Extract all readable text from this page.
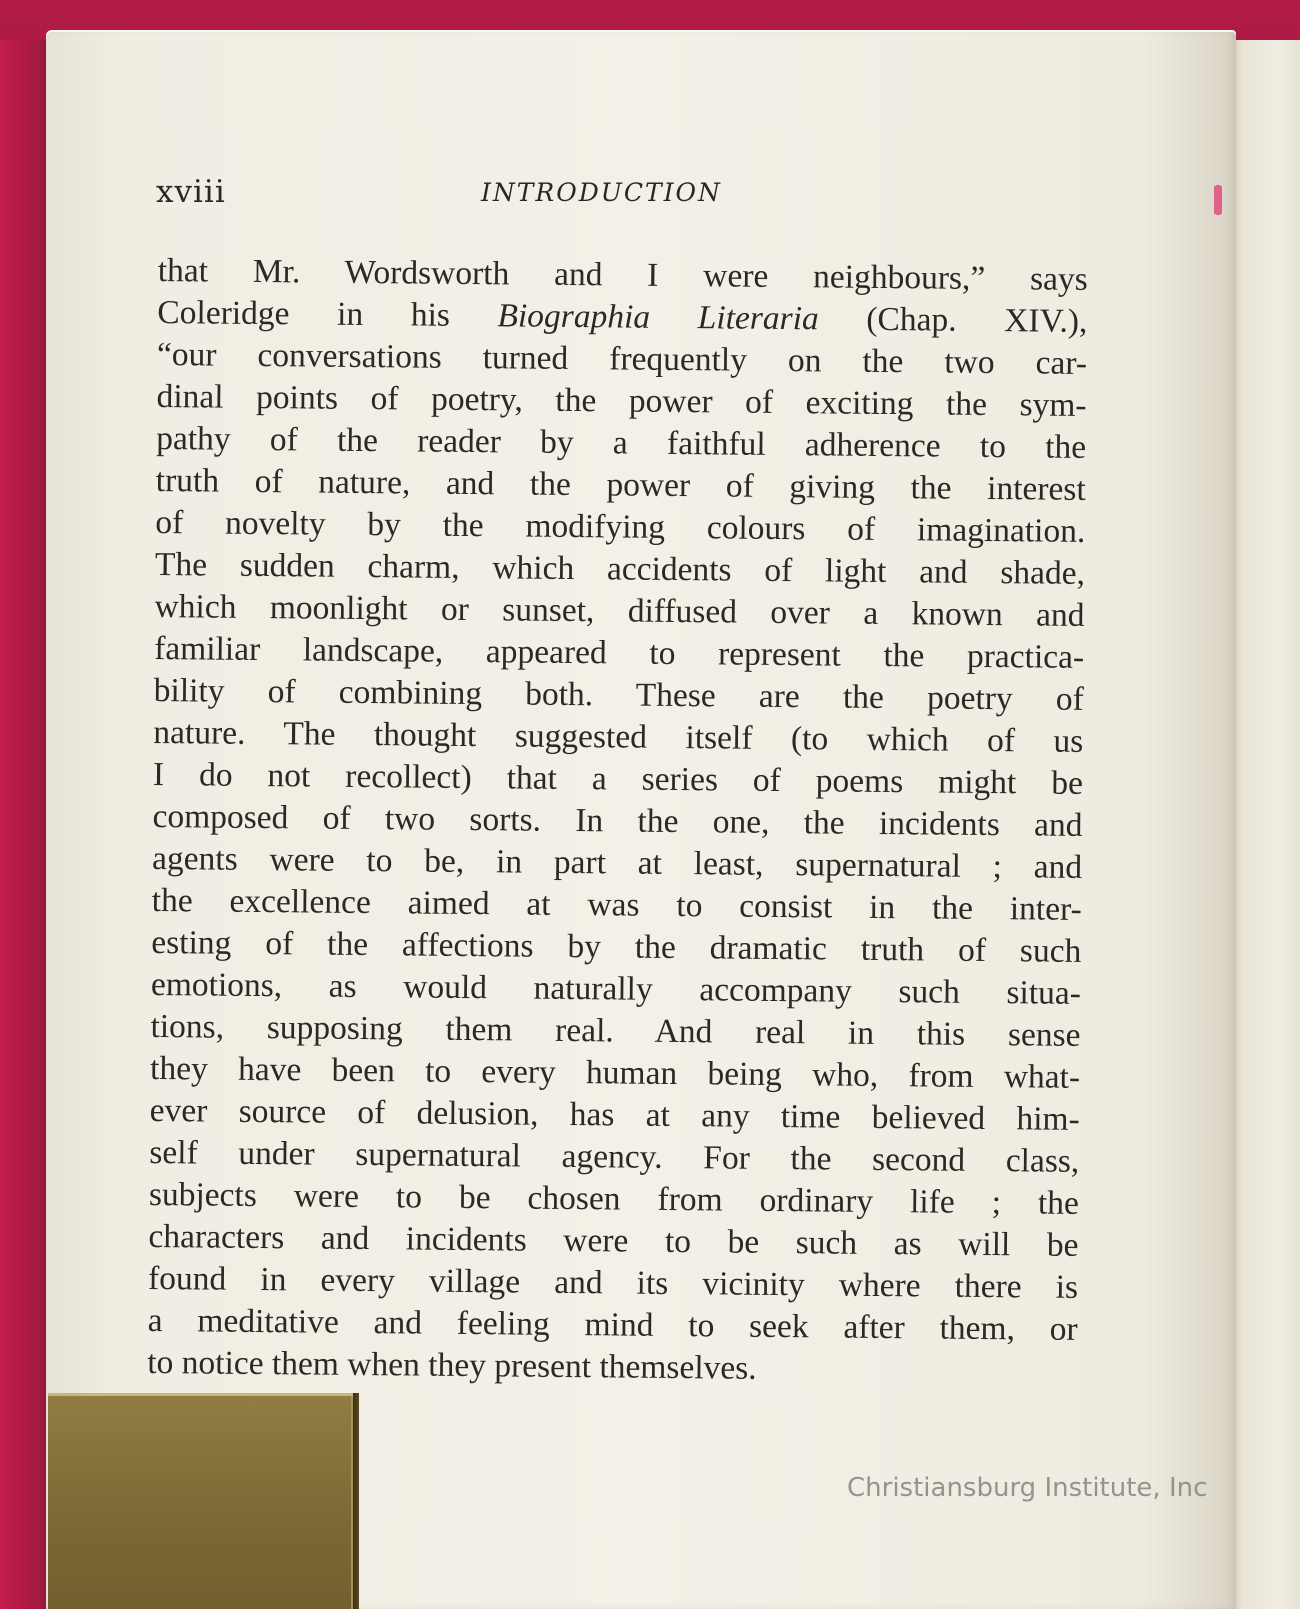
xviii	INTRODUCTION
that Mr. Wordsworth and I were neighbours,” says
Coleridge in his Biographia Literaria (Chap. XIV.),
“our conversations turned frequently on the two car-
dinal points of poetry, the power of exciting the sym-
pathy of the reader by a faithful adherence to the
truth of nature, and the power of giving the interest
of novelty by the modifying colours of imagination.
The sudden charm, which accidents of light and shade,
which moonlight or sunset, diffused over a known and
familiar landscape, appeared to represent the practica-
bility of combining both. These are the poetry of
nature. The thought suggested itself (to which of us
I do not recollect) that a series of poems might be
composed of two sorts. In the one, the incidents and
agents were to be, in part at least, supernatural ; and
the excellence aimed at was to consist in the inter-
esting of the affections by the dramatic truth of such
emotions, as would naturally accompany such situa-
tions, supposing them real. And real in this sense
they have been to every human being who, from what-
ever source of delusion, has at any time believed him-
self under supernatural agency. For the second class,
subjects were to be chosen from ordinary life ; the
characters and incidents were to be such as will be
found in every village and its vicinity where there is
a meditative and feeling mind to seek after them, or
to notice them when they present themselves.
Christiansburg Institute, Inc
